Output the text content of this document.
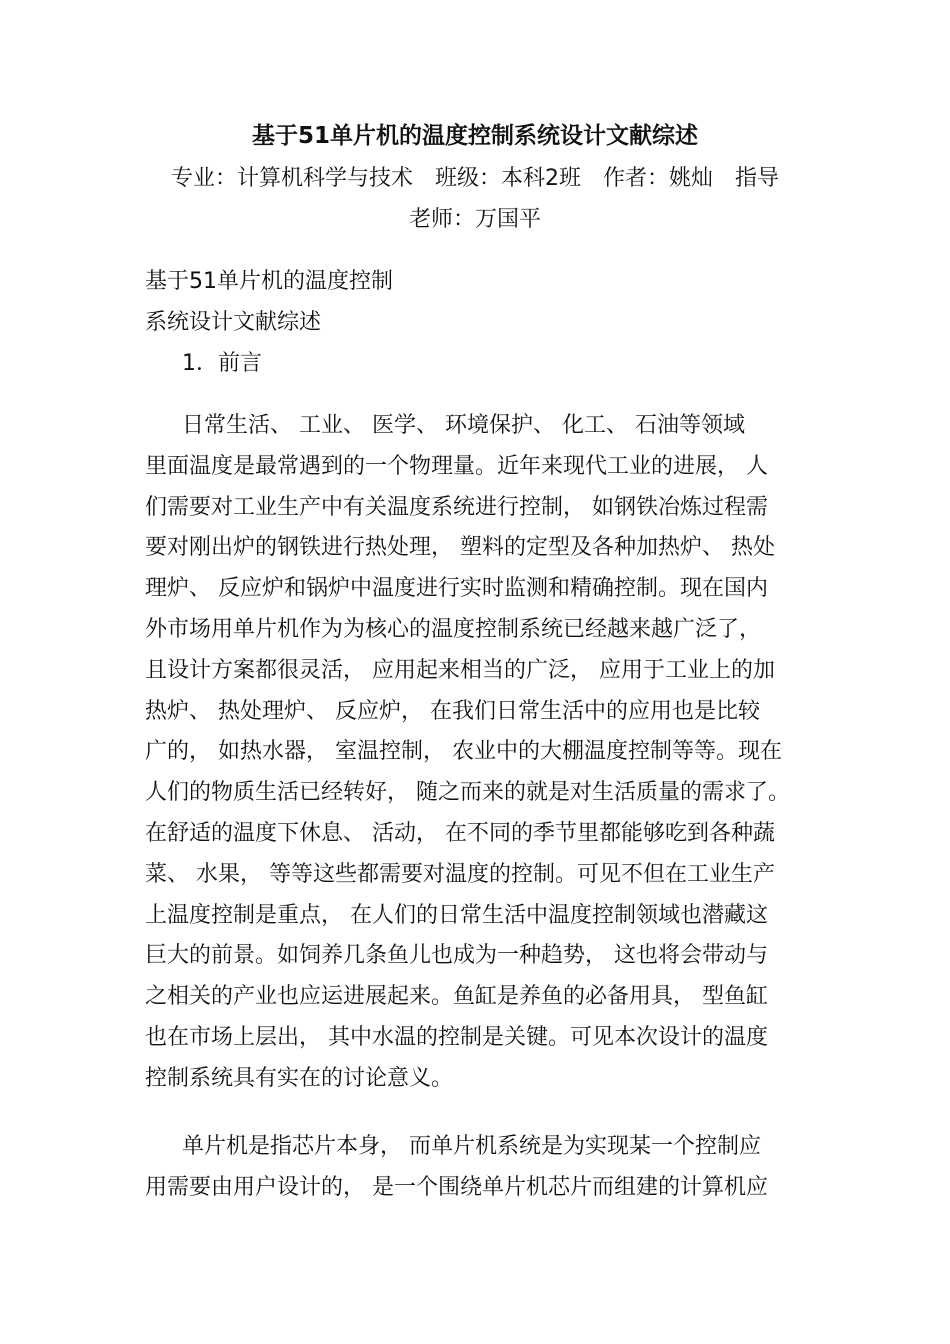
基于51单片机的温度控制系统设计文献综述
专业：计算机科学与技术 班级：本科2班 作者：姚灿 指导
老师：万国平
基于51单片机的温度控制
系统设计文献综述
1．前言
日常生活、 工业、 医学、 环境保护、 化工、 石油等领域
里面温度是最常遇到的一个物理量。近年来现代工业的进展， 人
们需要对工业生产中有关温度系统进行控制， 如钢铁冶炼过程需
要对刚出炉的钢铁进行热处理， 塑料的定型及各种加热炉、 热处
理炉、 反应炉和锅炉中温度进行实时监测和精确控制。现在国内
外市场用单片机作为为核心的温度控制系统已经越来越广泛了，
且设计方案都很灵活， 应用起来相当的广泛， 应用于工业上的加
热炉、 热处理炉、 反应炉， 在我们日常生活中的应用也是比较
广的， 如热水器， 室温控制， 农业中的大棚温度控制等等。现在
人们的物质生活已经转好， 随之而来的就是对生活质量的需求了。
在舒适的温度下休息、 活动， 在不同的季节里都能够吃到各种蔬
菜、 水果， 等等这些都需要对温度的控制。可见不但在工业生产
上温度控制是重点， 在人们的日常生活中温度控制领域也潜藏这
巨大的前景。如饲养几条鱼儿也成为一种趋势， 这也将会带动与
之相关的产业也应运进展起来。鱼缸是养鱼的必备用具， 型鱼缸
也在市场上层出， 其中水温的控制是关键。可见本次设计的温度
控制系统具有实在的讨论意义。
单片机是指芯片本身， 而单片机系统是为实现某一个控制应
用需要由用户设计的， 是一个围绕单片机芯片而组建的计算机应
